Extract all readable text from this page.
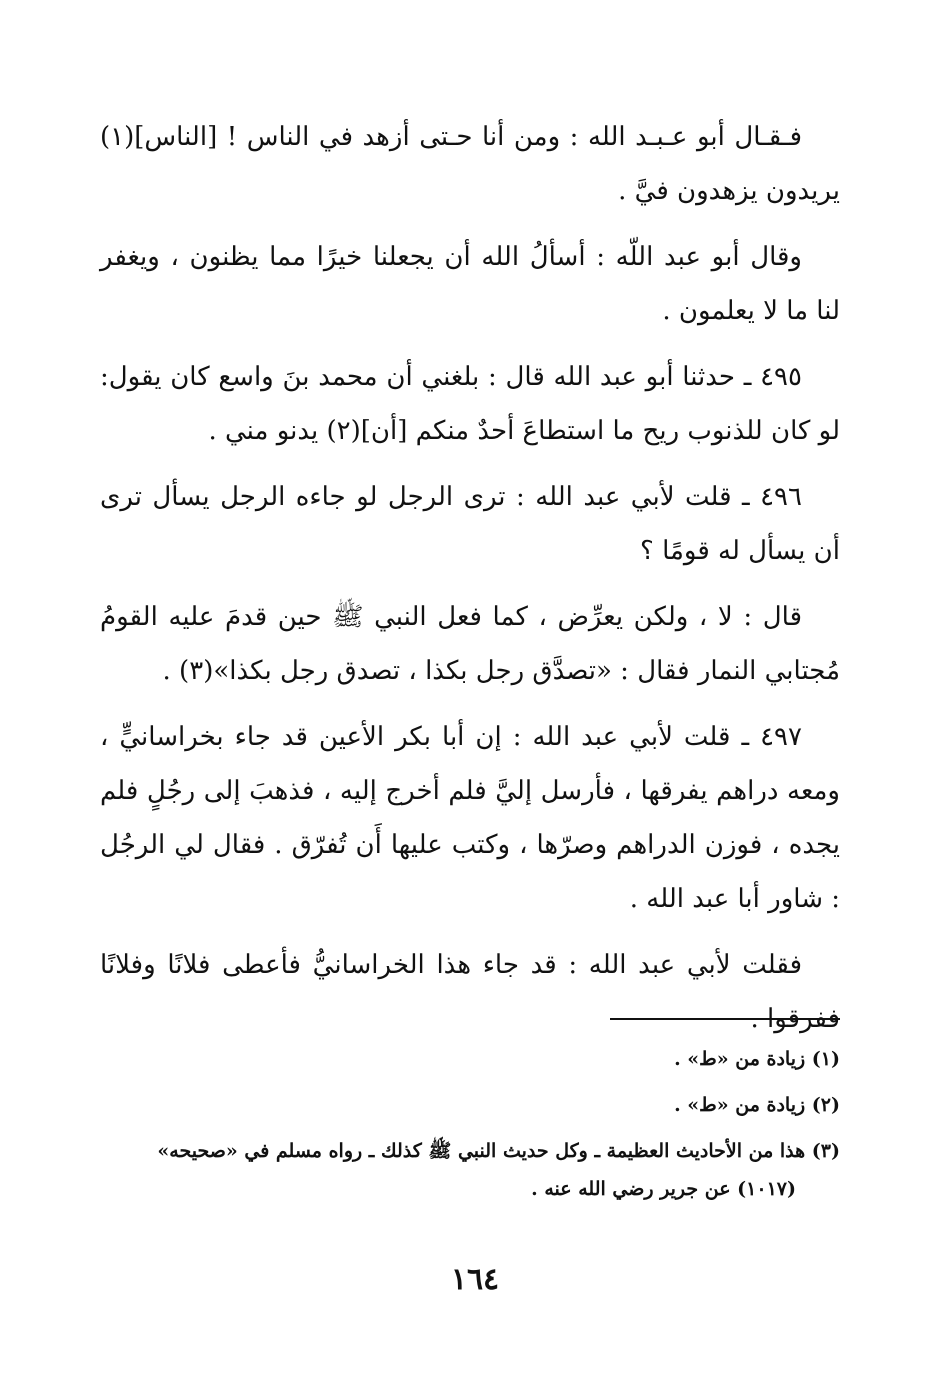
فـقـال أبو عـبـد الله : ومن أنا حـتى أزهد في الناس ! [الناس](١) يريدون يزهدون فيَّ .

وقال أبو عبد اللّه : أسألُ الله أن يجعلنا خيرًا مما يظنون ، ويغفر لنا ما لا يعلمون .

٤٩٥ ـ حدثنا أبو عبد الله قال : بلغني أن محمد بنَ واسع كان يقول: لو كان للذنوب ريح ما استطاعَ أحدٌ منكم [أن](٢) يدنو مني .

٤٩٦ ـ قلت لأبي عبد الله : ترى الرجل لو جاءه الرجل يسأل ترى أن يسأل له قومًا ؟

قال : لا ، ولكن يعرِّض ، كما فعل النبي ﷺ حين قدمَ عليه القومُ مُجتابي النمار فقال : «تصدَّق رجل بكذا ، تصدق رجل بكذا»(٣) .

٤٩٧ ـ قلت لأبي عبد الله : إن أبا بكر الأعين قد جاء بخراسانيٍّ ، ومعه دراهم يفرقها ، فأرسل إليَّ فلم أخرج إليه ، فذهبَ إلى رجُلٍ فلم يجده ، فوزن الدراهم وصرّها ، وكتب عليها أَن تُفرّق . فقال لي الرجُل : شاور أبا عبد الله .

فقلت لأبي عبد الله : قد جاء هذا الخراسانيُّ فأعطى فلانًا وفلانًا ففرقوا .

(١) زيادة من «ط» .

(٢) زيادة من «ط» .

(٣) هذا من الأحاديث العظيمة ـ وكل حديث النبي ﷺ كذلك ـ رواه مسلم في «صحيحه»

(١٠١٧) عن جرير رضي الله عنه .

١٦٤
